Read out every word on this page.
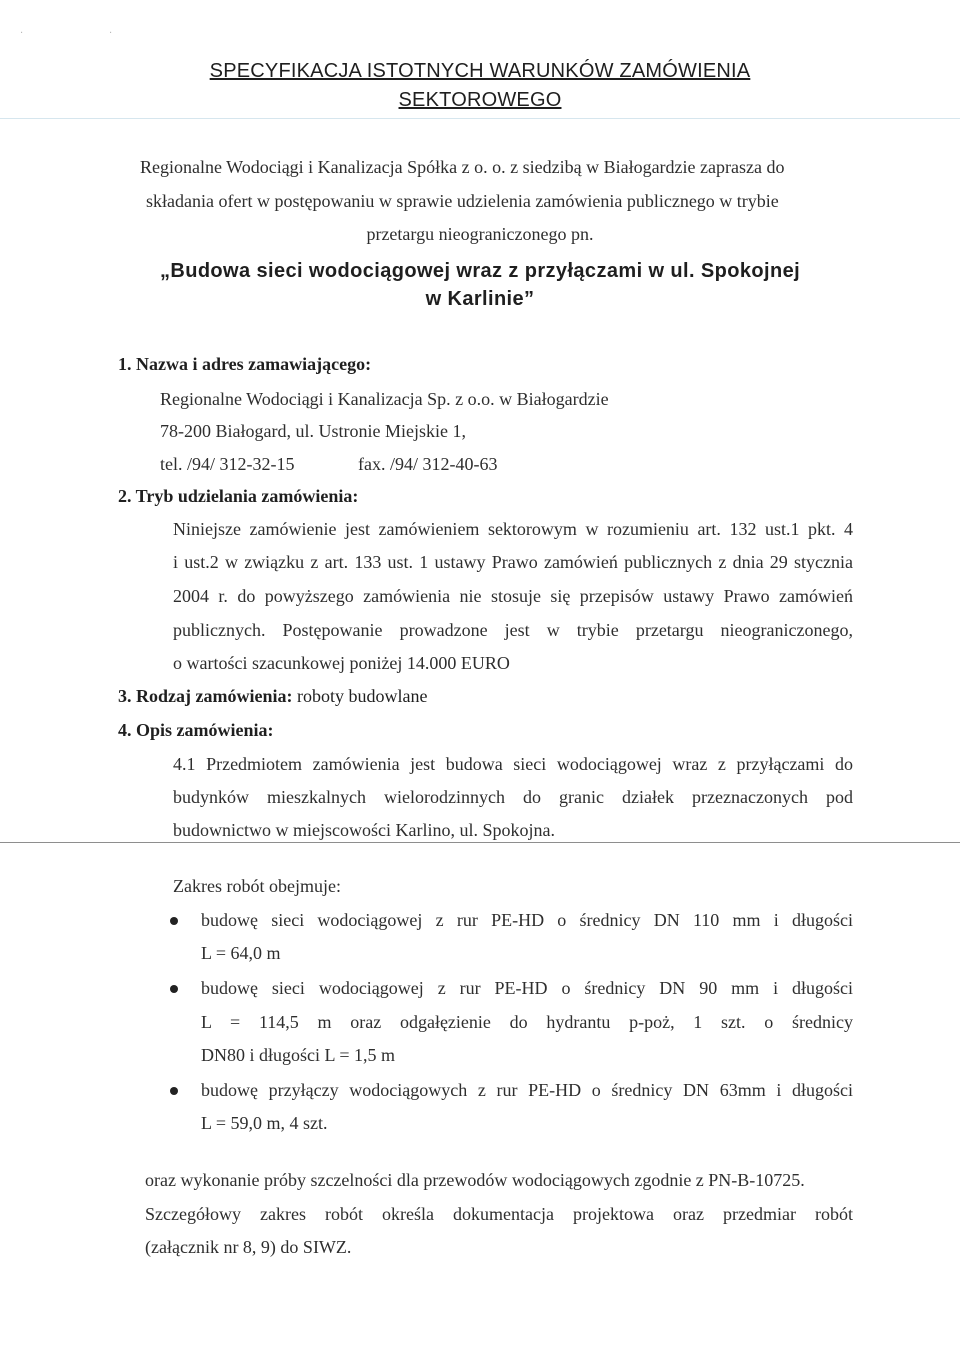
·                           ·
SPECYFIKACJA ISTOTNYCH WARUNKÓW ZAMÓWIENIA
SEKTOROWEGO
Regionalne Wodociągi i Kanalizacja Spółka z o. o. z siedzibą w Białogardzie zaprasza do
składania ofert w postępowaniu w sprawie udzielenia zamówienia publicznego w trybie
przetargu nieograniczonego pn.
„Budowa sieci wodociągowej wraz z przyłączami w ul. Spokojnej
w Karlinie”
1. Nazwa i adres zamawiającego:
Regionalne Wodociągi i Kanalizacja Sp. z o.o. w Białogardzie
78-200 Białogard, ul. Ustronie Miejskie 1,
tel. /94/ 312-32-15	fax. /94/ 312-40-63
2. Tryb udzielania zamówienia:
Niniejsze zamówienie jest zamówieniem sektorowym w rozumieniu art. 132 ust.1 pkt. 4
i ust.2 w związku z art. 133 ust. 1 ustawy Prawo zamówień publicznych z dnia 29 stycznia
2004 r. do powyższego zamówienia nie stosuje się przepisów ustawy Prawo zamówień
publicznych. Postępowanie prowadzone jest w trybie przetargu nieograniczonego,
o wartości szacunkowej poniżej 14.000 EURO
3. Rodzaj zamówienia: roboty budowlane
4. Opis zamówienia:
4.1 Przedmiotem zamówienia jest budowa sieci wodociągowej wraz z przyłączami do
budynków mieszkalnych wielorodzinnych do granic działek przeznaczonych pod
budownictwo w miejscowości Karlino, ul. Spokojna.
Zakres robót obejmuje:
budowę sieci wodociągowej z rur PE-HD o średnicy DN 110 mm i długości
L = 64,0 m
budowę sieci wodociągowej z rur PE-HD o średnicy DN 90 mm i długości
L = 114,5 m oraz odgałęzienie do hydrantu p-poż, 1 szt. o średnicy
DN80 i długości L = 1,5 m
budowę przyłączy wodociągowych z rur PE-HD o średnicy DN 63mm i długości
L = 59,0 m, 4 szt.
oraz wykonanie próby szczelności dla przewodów wodociągowych zgodnie z PN-B-10725.
Szczegółowy zakres robót określa dokumentacja projektowa oraz przedmiar robót
(załącznik nr 8, 9) do SIWZ.
